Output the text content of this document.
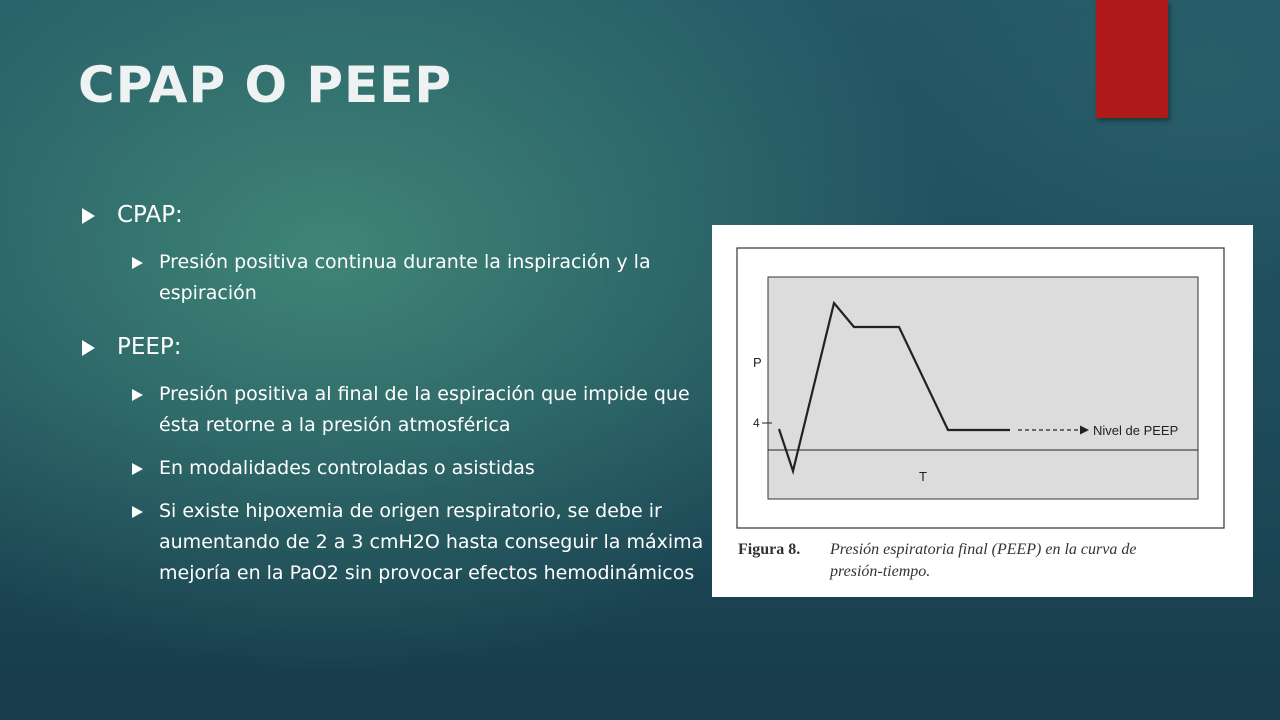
CPAP O PEEP
CPAP:
Presión positiva continua durante la inspiración y la espiración
PEEP:
Presión positiva al final de la espiración que impide que ésta retorne a la presión atmosférica
En modalidades controladas o asistidas
Si existe hipoxemia de origen respiratorio, se debe ir aumentando de 2 a 3 cmH2O hasta conseguir la máxima mejoría en la PaO2 sin provocar efectos hemodinámicos
Nivel de PEEP
P
4
T
Figura 8. Presión espiratoria final (PEEP) en la curva de
presión-tiempo.
